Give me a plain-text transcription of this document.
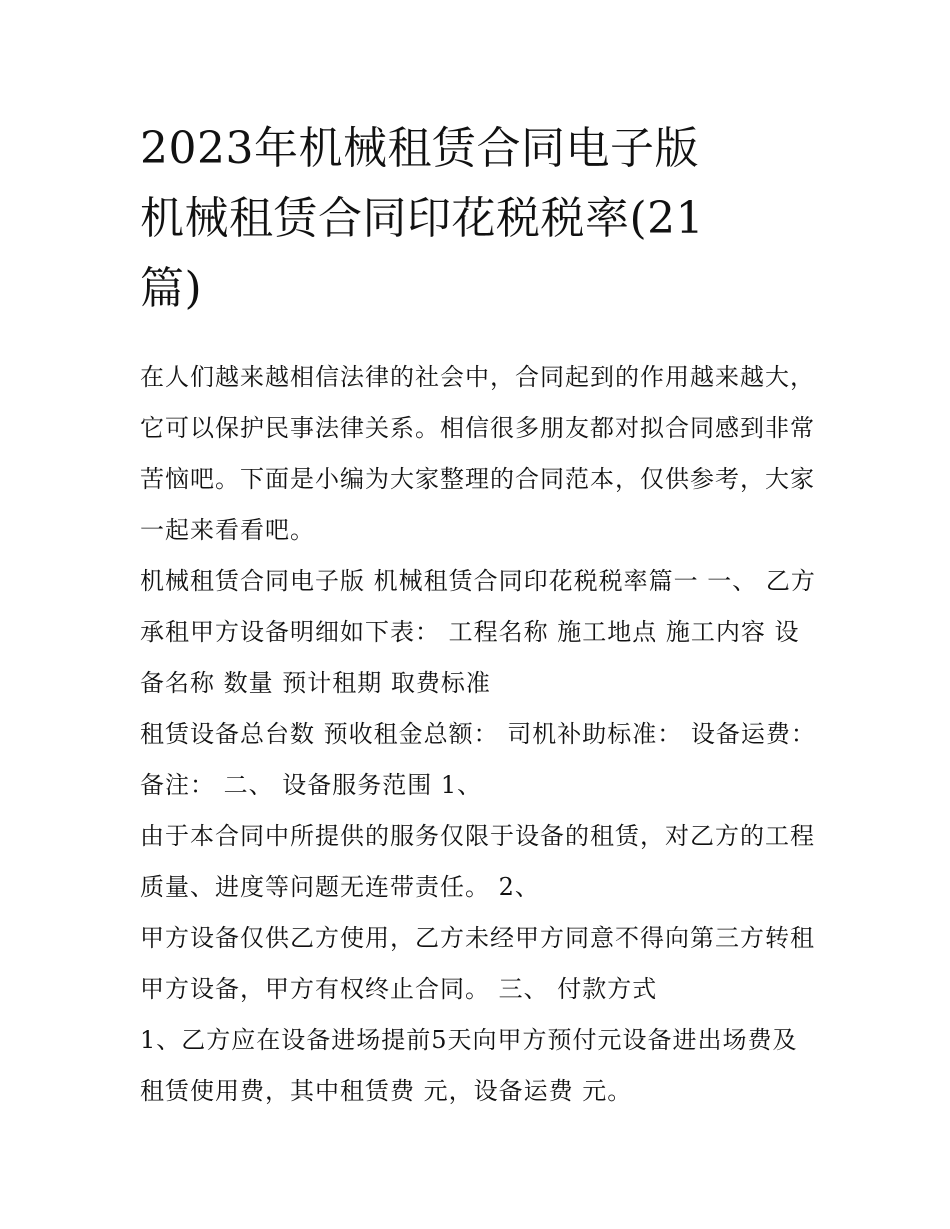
2023年机械租赁合同电子版
机械租赁合同印花税税率(21
篇)
在人们越来越相信法律的社会中，合同起到的作用越来越大，
它可以保护民事法律关系。相信很多朋友都对拟合同感到非常
苦恼吧。下面是小编为大家整理的合同范本，仅供参考，大家
一起来看看吧。
机械租赁合同电子版 机械租赁合同印花税税率篇一 一、 乙方
承租甲方设备明细如下表： 工程名称 施工地点 施工内容 设
备名称 数量 预计租期 取费标准
租赁设备总台数 预收租金总额： 司机补助标准： 设备运费：
备注： 二、 设备服务范围 1、
由于本合同中所提供的服务仅限于设备的租赁，对乙方的工程
质量、进度等问题无连带责任。 2、
甲方设备仅供乙方使用，乙方未经甲方同意不得向第三方转租
甲方设备，甲方有权终止合同。 三、 付款方式
1、乙方应在设备进场提前5天向甲方预付元设备进出场费及
租赁使用费，其中租赁费 元，设备运费 元。
